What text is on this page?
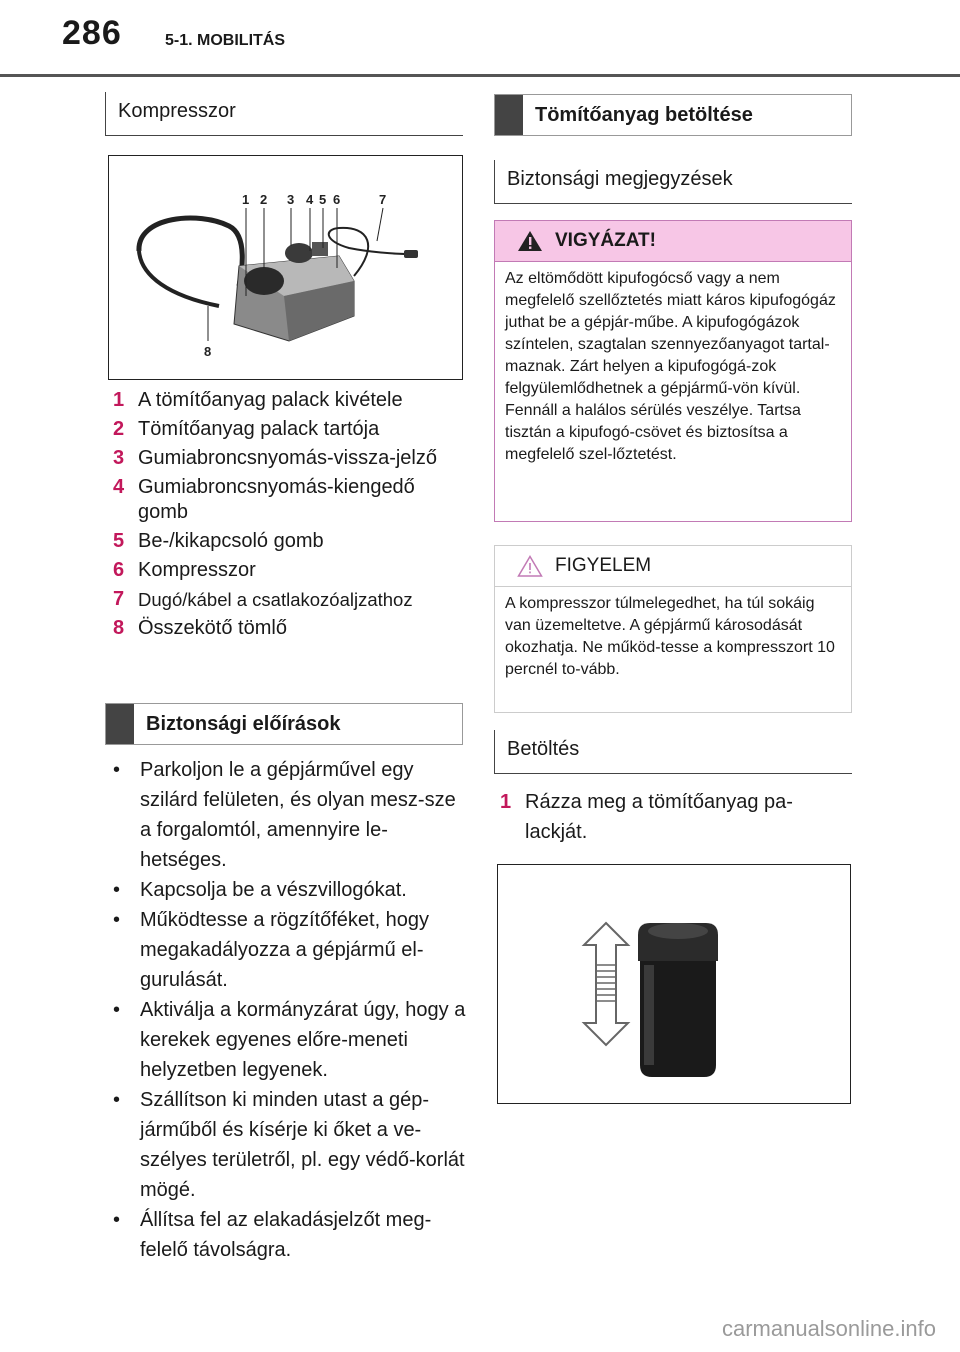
286	5-1. MOBILITÁS
Kompresszor
1 2 3 4 5 6	7
8
1 A tömítőanyag palack kivétele
2 Tömítőanyag palack tartója
3 Gumiabroncsnyomás-vissza-jelző
4 Gumiabroncsnyomás-kiengedő gomb
5 Be-/kikapcsoló gomb
6 Kompresszor
7 Dugó/kábel a csatlakozóaljzathoz
8 Összekötő tömlő
Biztonsági előírások
• Parkoljon le a gépjárművel egy szilárd felületen, és olyan mesz-sze a forgalomtól, amennyire le-hetséges.
• Kapcsolja be a vészvillogókat.
• Működtesse a rögzítőféket, hogy megakadályozza a gépjármű el-gurulását.
• Aktiválja a kormányzárat úgy, hogy a kerekek egyenes előre-meneti helyzetben legyenek.
• Szállítson ki minden utast a gép-járműből és kísérje ki őket a ve-szélyes területről, pl. egy védő-korlát mögé.
• Állítsa fel az elakadásjelzőt meg-felelő távolságra.
Tömítőanyag betöltése
Biztonsági megjegyzések
VIGYÁZAT!
Az eltömődött kipufogócső vagy a nem megfelelő szellőztetés miatt káros kipufogógáz juthat be a gépjár-műbe. A kipufogógázok színtelen, szagtalan szennyezőanyagot tartal-maznak. Zárt helyen a kipufogógá-zok felgyülemlődhetnek a gépjármű-vön kívül. Fennáll a halálos sérülés veszélye. Tartsa tisztán a kipufogó-csövet és biztosítsa a megfelelő szel-lőztetést.
FIGYELEM
A kompresszor túlmelegedhet, ha túl sokáig van üzemeltetve. A gépjármű károsodását okozhatja. Ne működ-tesse a kompresszort 10 percnél to-vább.
Betöltés
1 Rázza meg a tömítőanyag pa-lackját.
carmanualsonline.info
